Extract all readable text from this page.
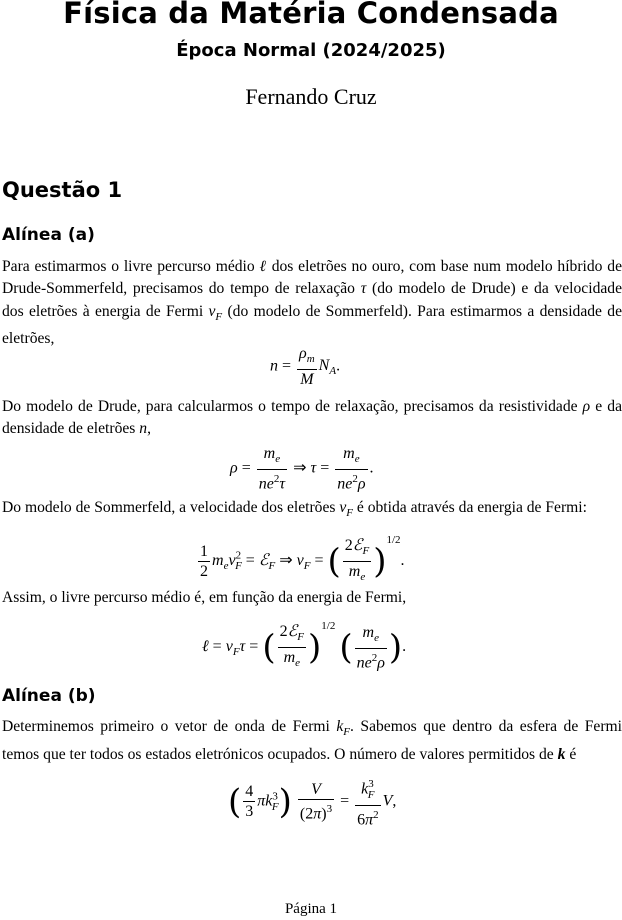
Física da Matéria Condensada
Época Normal (2024/2025)
Fernando Cruz
Questão 1
Alínea (a)
Para estimarmos o livre percurso médio ℓ dos eletrões no ouro, com base num modelo híbrido de Drude-Sommerfeld, precisamos do tempo de relaxação τ (do modelo de Drude) e da velocidade dos eletrões à energia de Fermi $v_F$ (do modelo de Sommerfeld). Para estimarmos a densidade de eletrões,
$n = \frac{\rho_m}{M} N_A$.
Do modelo de Drude, para calcularmos o tempo de relaxação, precisamos da resistividade ρ e da densidade de eletrões n,
$\rho = \frac{m_e}{ne^2\tau}$ ⇒ $\tau = \frac{m_e}{ne^2\rho}$ .
Do modelo de Sommerfeld, a velocidade dos eletrões $v_F$ é obtida através da energia de Fermi:
$\frac{1}{2} m_ev^2_F$ = ℰ$_F$ ⇒ $v_F$ = ( $\frac{2ℰ_F}{m_e} )^{1/2}$.
Assim, o livre percurso médio é, em função da energia de Fermi,
ℓ = $v_F\tau$ = ( $\frac{2ℰ_F}{m_e} )^{1/2}$ ( $\frac{m_e}{ne^2\rho}$ ).
Alínea (b)
Determinemos primeiro o vetor de onda de Fermi $k_F$. Sabemos que dentro da esfera de Fermi temos que ter todos os estados eletrónicos ocupados. O número de valores permitidos de k é
( $\frac{4}{3} \pi k^3_F) \frac{V}{(2\pi)^3} = \frac{k^3_F}{6\pi^2} V$,
Página 1
